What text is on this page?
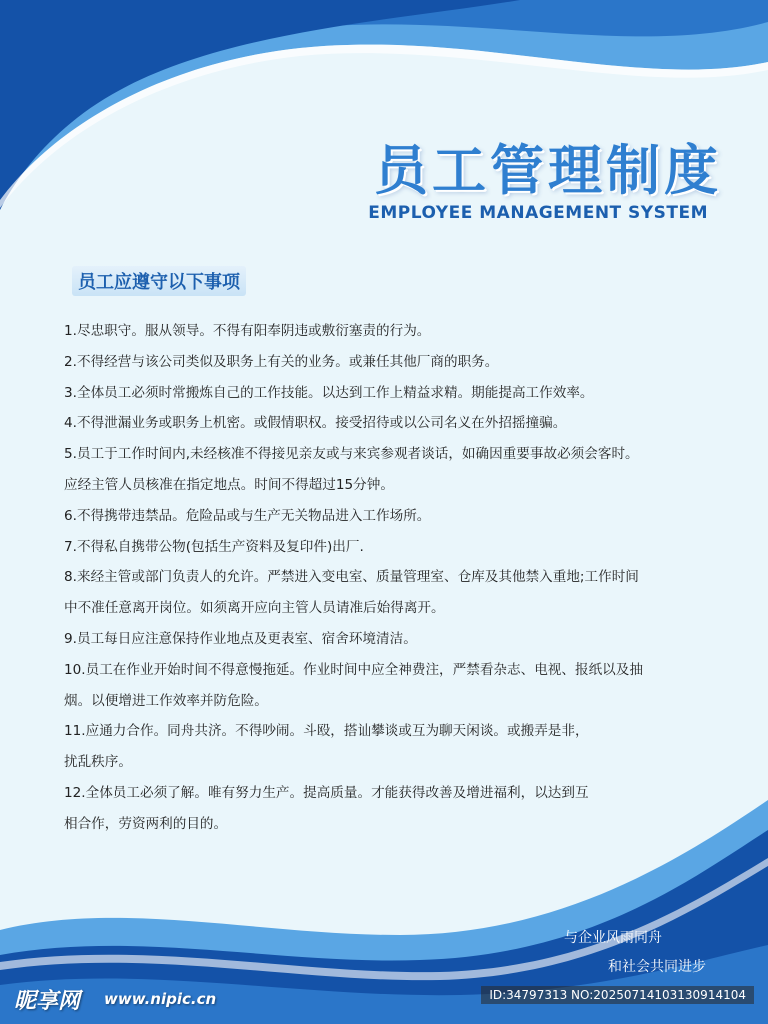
员工管理制度
EMPLOYEE MANAGEMENT SYSTEM
员工应遵守以下事项
1.尽忠职守。服从领导。不得有阳奉阴违或敷衍塞责的行为。
2.不得经营与该公司类似及职务上有关的业务。或兼任其他厂商的职务。
3.全体员工必须时常搬炼自己的工作技能。以达到工作上精益求精。期能提高工作效率。
4.不得泄漏业务或职务上机密。或假情职权。接受招待或以公司名义在外招摇撞骗。
5.员工于工作时间内,未经核准不得接见亲友或与来宾参观者谈话，如确因重要事故必须会客时。
应经主管人员核准在指定地点。时间不得超过15分钟。
6.不得携带违禁品。危险品或与生产无关物品进入工作场所。
7.不得私自携带公物(包括生产资料及复印件)出厂.
8.来经主管或部门负责人的允许。严禁进入变电室、质量管理室、仓库及其他禁入重地;工作时间
中不准任意离开岗位。如须离开应向主管人员请准后始得离开。
9.员工每日应注意保持作业地点及更表室、宿舍环境清洁。
10.员工在作业开始时间不得意慢拖延。作业时间中应全神费注，严禁看杂志、电视、报纸以及抽
烟。以便增进工作效率并防危险。
11.应通力合作。同舟共济。不得吵闹。斗殴，搭讪攀谈或互为聊天闲谈。或搬弄是非，
扰乱秩序。
12.全体员工必须了解。唯有努力生产。提高质量。才能获得改善及增进福利，以达到互
相合作，劳资两利的目的。
与企业风雨同舟
和社会共同进步
昵享网 www.nipic.cn	ID:34797313 NO:20250714103130914104
